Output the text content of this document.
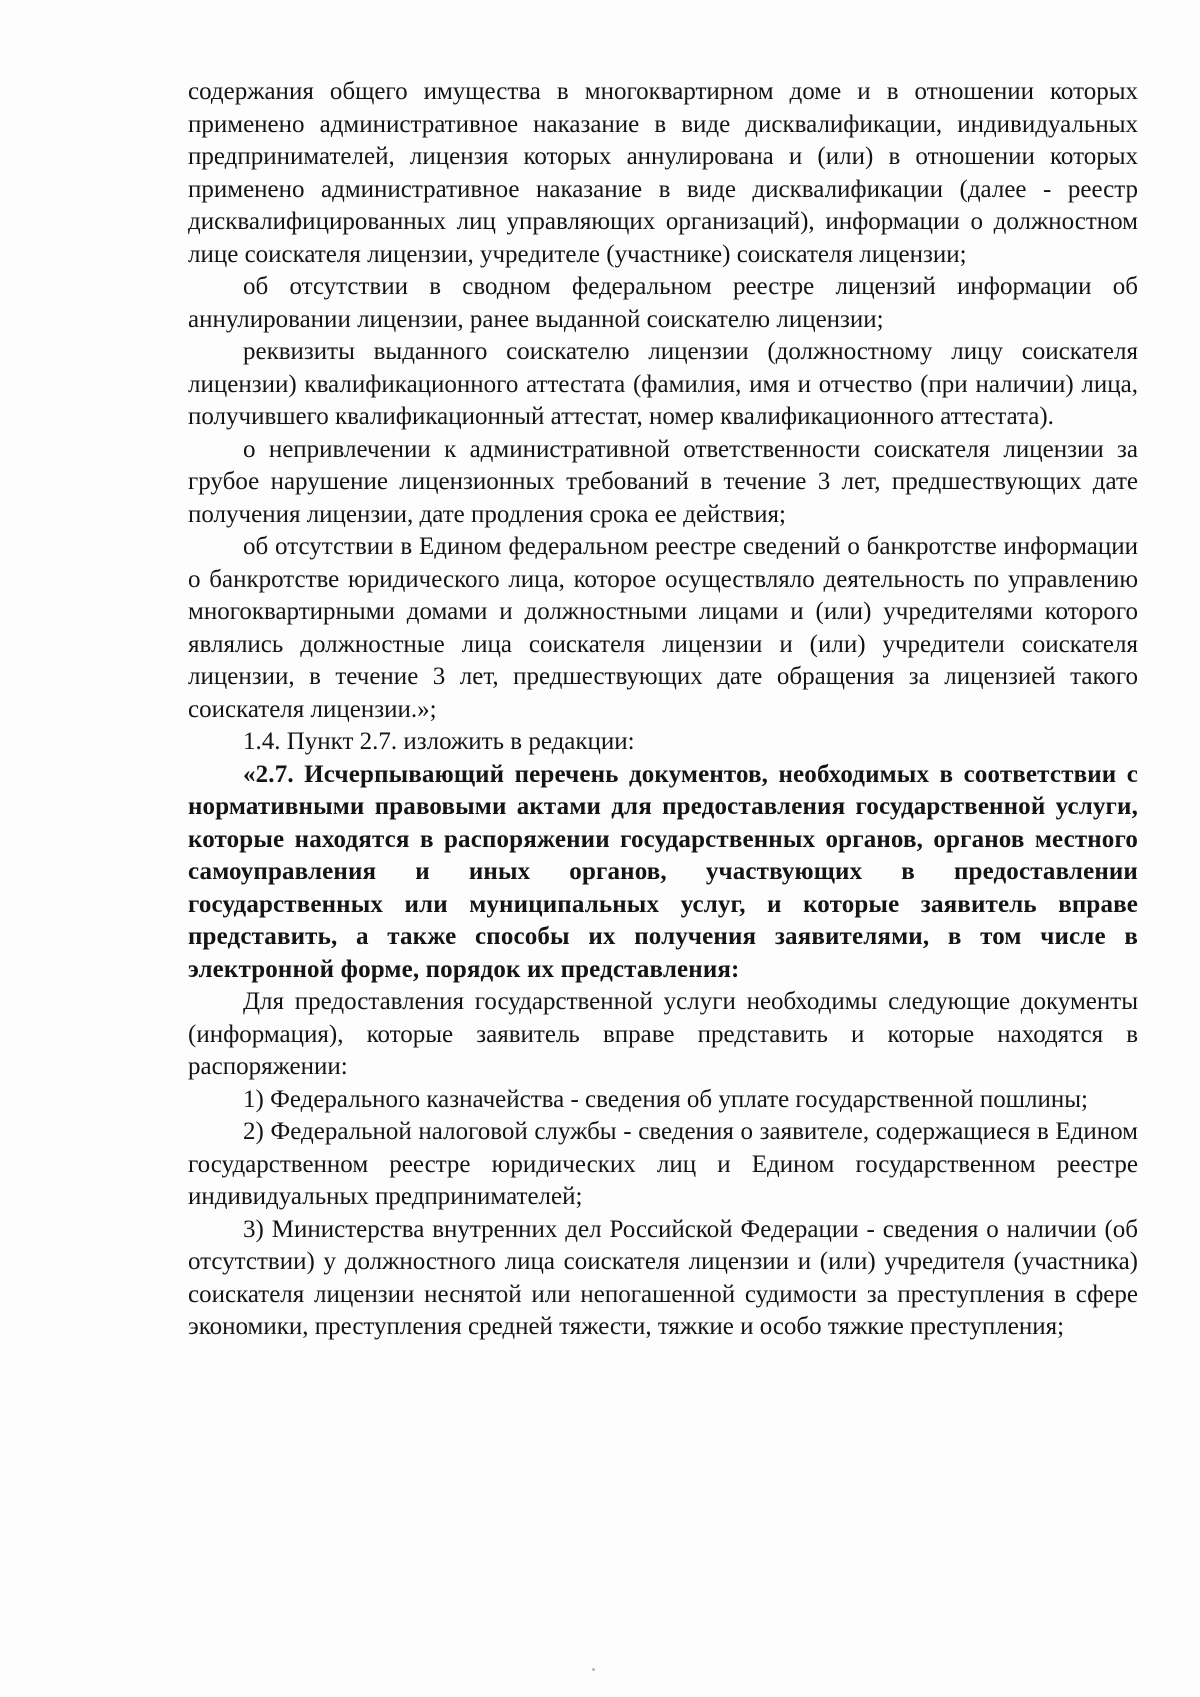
содержания общего имущества в многоквартирном доме и в отношении которых применено административное наказание в виде дисквалификации, индивидуальных предпринимателей, лицензия которых аннулирована и (или) в отношении которых применено административное наказание в виде дисквалификации (далее - реестр дисквалифицированных лиц управляющих организаций), информации о должностном лице соискателя лицензии, учредителе (участнике) соискателя лицензии;

об отсутствии в сводном федеральном реестре лицензий информации об аннулировании лицензии, ранее выданной соискателю лицензии;

реквизиты выданного соискателю лицензии (должностному лицу соискателя лицензии) квалификационного аттестата (фамилия, имя и отчество (при наличии) лица, получившего квалификационный аттестат, номер квалификационного аттестата).

о непривлечении к административной ответственности соискателя лицензии за грубое нарушение лицензионных требований в течение 3 лет, предшествующих дате получения лицензии, дате продления срока ее действия;

об отсутствии в Едином федеральном реестре сведений о банкротстве информации о банкротстве юридического лица, которое осуществляло деятельность по управлению многоквартирными домами и должностными лицами и (или) учредителями которого являлись должностные лица соискателя лицензии и (или) учредители соискателя лицензии, в течение 3 лет, предшествующих дате обращения за лицензией такого соискателя лицензии.»;

1.4. Пункт 2.7. изложить в редакции:

«2.7. Исчерпывающий перечень документов, необходимых в соответствии с нормативными правовыми актами для предоставления государственной услуги, которые находятся в распоряжении государственных органов, органов местного самоуправления и иных органов, участвующих в предоставлении государственных или муниципальных услуг, и которые заявитель вправе представить, а также способы их получения заявителями, в том числе в электронной форме, порядок их представления:

Для предоставления государственной услуги необходимы следующие документы (информация), которые заявитель вправе представить и которые находятся в распоряжении:

1) Федерального казначейства - сведения об уплате государственной пошлины;

2) Федеральной налоговой службы - сведения о заявителе, содержащиеся в Едином государственном реестре юридических лиц и Едином государственном реестре индивидуальных предпринимателей;

3) Министерства внутренних дел Российской Федерации - сведения о наличии (об отсутствии) у должностного лица соискателя лицензии и (или) учредителя (участника) соискателя лицензии неснятой или непогашенной судимости за преступления в сфере экономики, преступления средней тяжести, тяжкие и особо тяжкие преступления;
